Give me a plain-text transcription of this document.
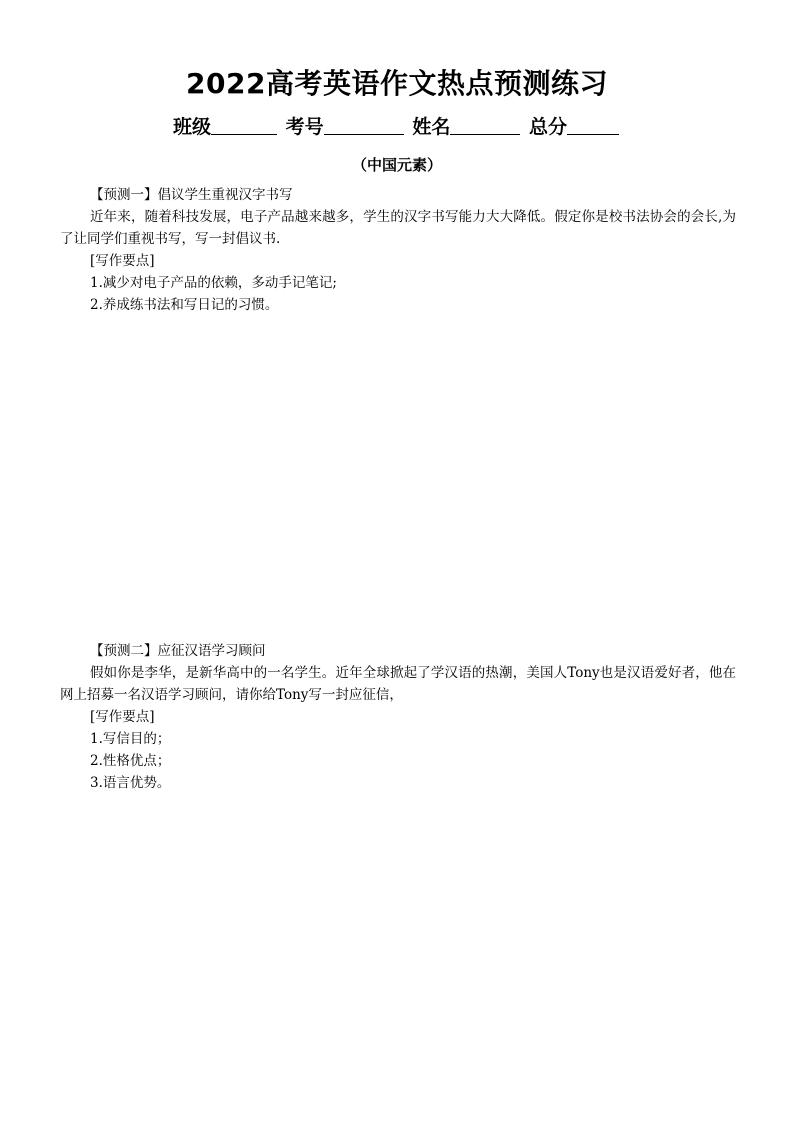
2022高考英语作文热点预测练习
班级	考号	姓名	总分
（中国元素）
【预测一】倡议学生重视汉字书写
近年来，随着科技发展，电子产品越来越多，学生的汉字书写能力大大降低。假定你是校书法协会的会长,为了让同学们重视书写，写一封倡议书.
[写作要点]
1.减少对电子产品的依赖，多动手记笔记;
2.养成练书法和写日记的习惯。
【预测二】应征汉语学习顾问
假如你是李华，是新华高中的一名学生。近年全球掀起了学汉语的热潮，美国人Tony也是汉语爱好者，他在网上招募一名汉语学习顾问，请你给Tony写一封应征信，
[写作要点]
1.写信目的；
2.性格优点；
3.语言优势。
